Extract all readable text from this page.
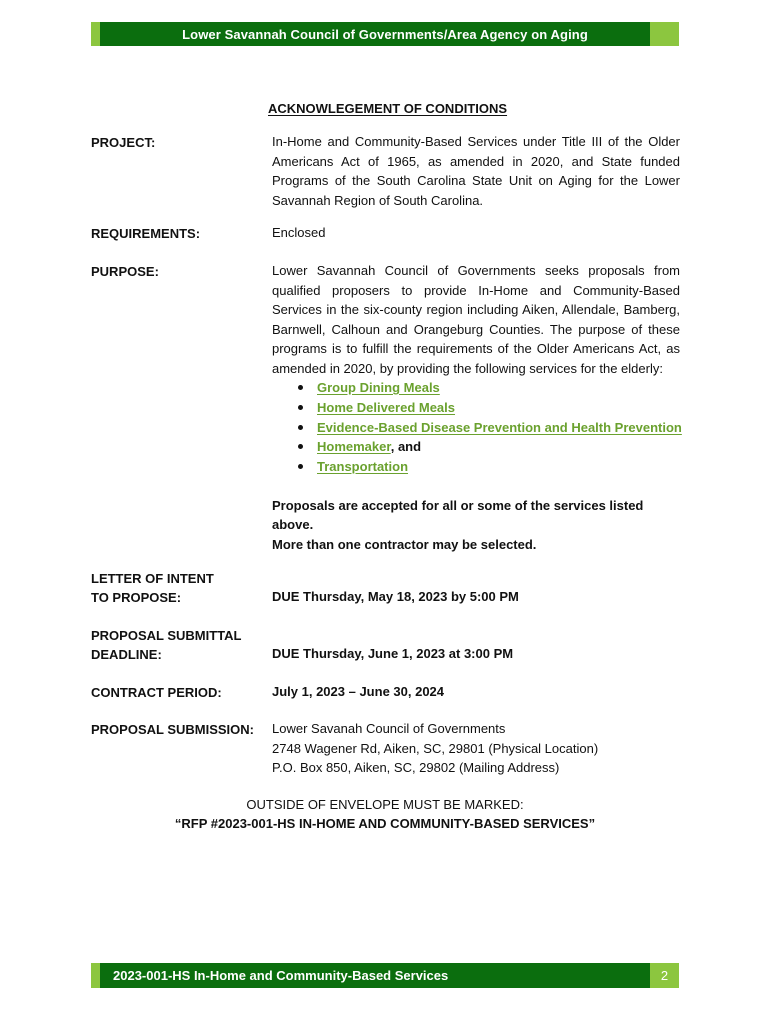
Lower Savannah Council of Governments/Area Agency on Aging
ACKNOWLEGEMENT OF CONDITIONS
PROJECT:	In-Home and Community-Based Services under Title III of the Older Americans Act of 1965, as amended in 2020, and State funded Programs of the South Carolina State Unit on Aging for the Lower Savannah Region of South Carolina.
REQUIREMENTS:	Enclosed
PURPOSE:	Lower Savannah Council of Governments seeks proposals from qualified proposers to provide In-Home and Community-Based Services in the six-county region including Aiken, Allendale, Bamberg, Barnwell, Calhoun and Orangeburg Counties. The purpose of these programs is to fulfill the requirements of the Older Americans Act, as amended in 2020, by providing the following services for the elderly:
Group Dining Meals
Home Delivered Meals
Evidence-Based Disease Prevention and Health Prevention
Homemaker, and
Transportation
Proposals are accepted for all or some of the services listed above.
More than one contractor may be selected.
LETTER OF INTENT
TO PROPOSE:	DUE Thursday, May 18, 2023 by 5:00 PM
PROPOSAL SUBMITTAL
DEADLINE:	DUE Thursday, June 1, 2023 at 3:00 PM
CONTRACT PERIOD:	July 1, 2023 – June 30, 2024
PROPOSAL SUBMISSION: Lower Savanah Council of Governments
2748 Wagener Rd, Aiken, SC, 29801 (Physical Location)
P.O. Box 850, Aiken, SC, 29802 (Mailing Address)
OUTSIDE OF ENVELOPE MUST BE MARKED:
“RFP #2023-001-HS IN-HOME AND COMMUNITY-BASED SERVICES”
2023-001-HS In-Home and Community-Based Services	2
